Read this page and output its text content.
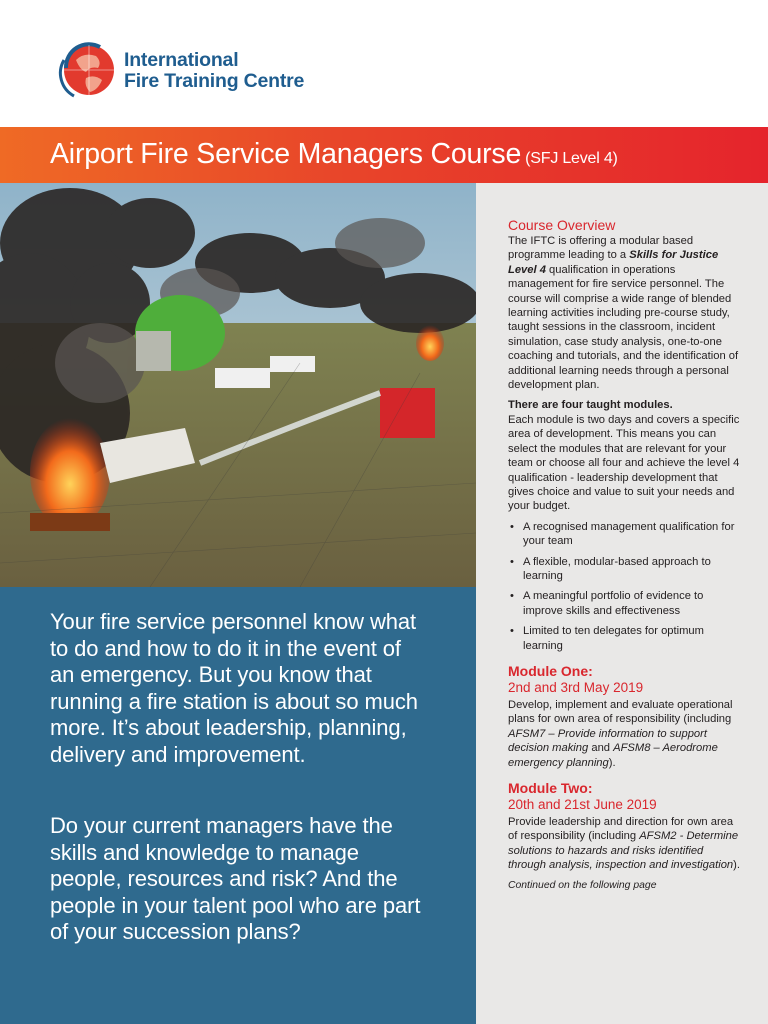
International
Fire Training Centre
Airport Fire Service Managers Course (SFJ Level 4)

Your fire service personnel know what to do and how to do it in the event of an emergency. But you know that running a fire station is about so much more. It’s about leadership, planning, delivery and improvement.

Do your current managers have the skills and knowledge to manage people, resources and risk? And the people in your talent pool who are part of your succession plans?

Course Overview

The IFTC is offering a modular based programme leading to a Skills for Justice Level 4 qualification in operations management for fire service personnel. The course will comprise a wide range of blended learning activities including pre-course study, taught sessions in the classroom, incident simulation, case study analysis, one-to-one coaching and tutorials, and the identification of additional learning needs through a personal development plan.

There are four taught modules.

Each module is two days and covers a specific area of development. This means you can select the modules that are relevant for your team or choose all four and achieve the level 4 qualification - leadership development that gives choice and value to suit your needs and your budget.

• A recognised management qualification for your team
• A flexible, modular-based approach to learning
• A meaningful portfolio of evidence to improve skills and effectiveness
• Limited to ten delegates for optimum learning
Module One:
2nd and 3rd May 2019

Develop, implement and evaluate operational plans for own area of responsibility (including AFSM7 – Provide information to support decision making and AFSM8 – Aerodrome emergency planning).

Module Two:
20th and 21st June 2019

Provide leadership and direction for own area of responsibility (including AFSM2 - Determine solutions to hazards and risks identified through analysis, inspection and investigation).

Continued on the following page
